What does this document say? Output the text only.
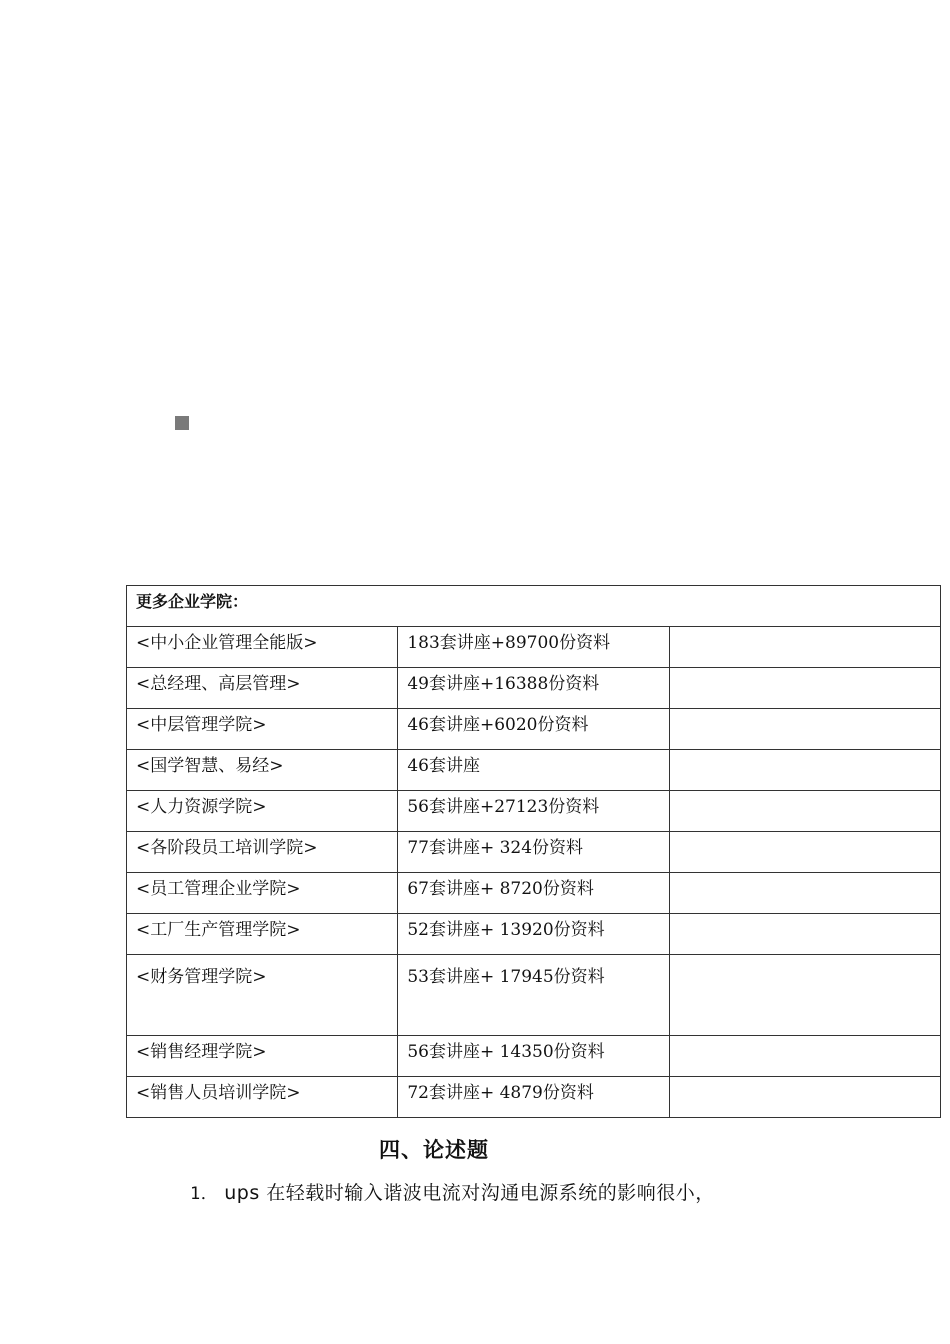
更多企业学院：		
<中小企业管理全能版>	183套讲座+89700份资料	
<总经理、高层管理>	49套讲座+16388份资料	
<中层管理学院>	46套讲座+6020份资料	
<国学智慧、易经>	46套讲座	
<人力资源学院>	56套讲座+27123份资料	
<各阶段员工培训学院>	77套讲座+ 324份资料	
<员工管理企业学院>	67套讲座+ 8720份资料	
<工厂生产管理学院>	52套讲座+ 13920份资料	
<财务管理学院>	53套讲座+ 17945份资料	
<销售经理学院>	56套讲座+ 14350份资料	
<销售人员培训学院>	72套讲座+ 4879份资料	
四、论述题
1． ups 在轻载时输入谐波电流对沟通电源系统的影响很小，
